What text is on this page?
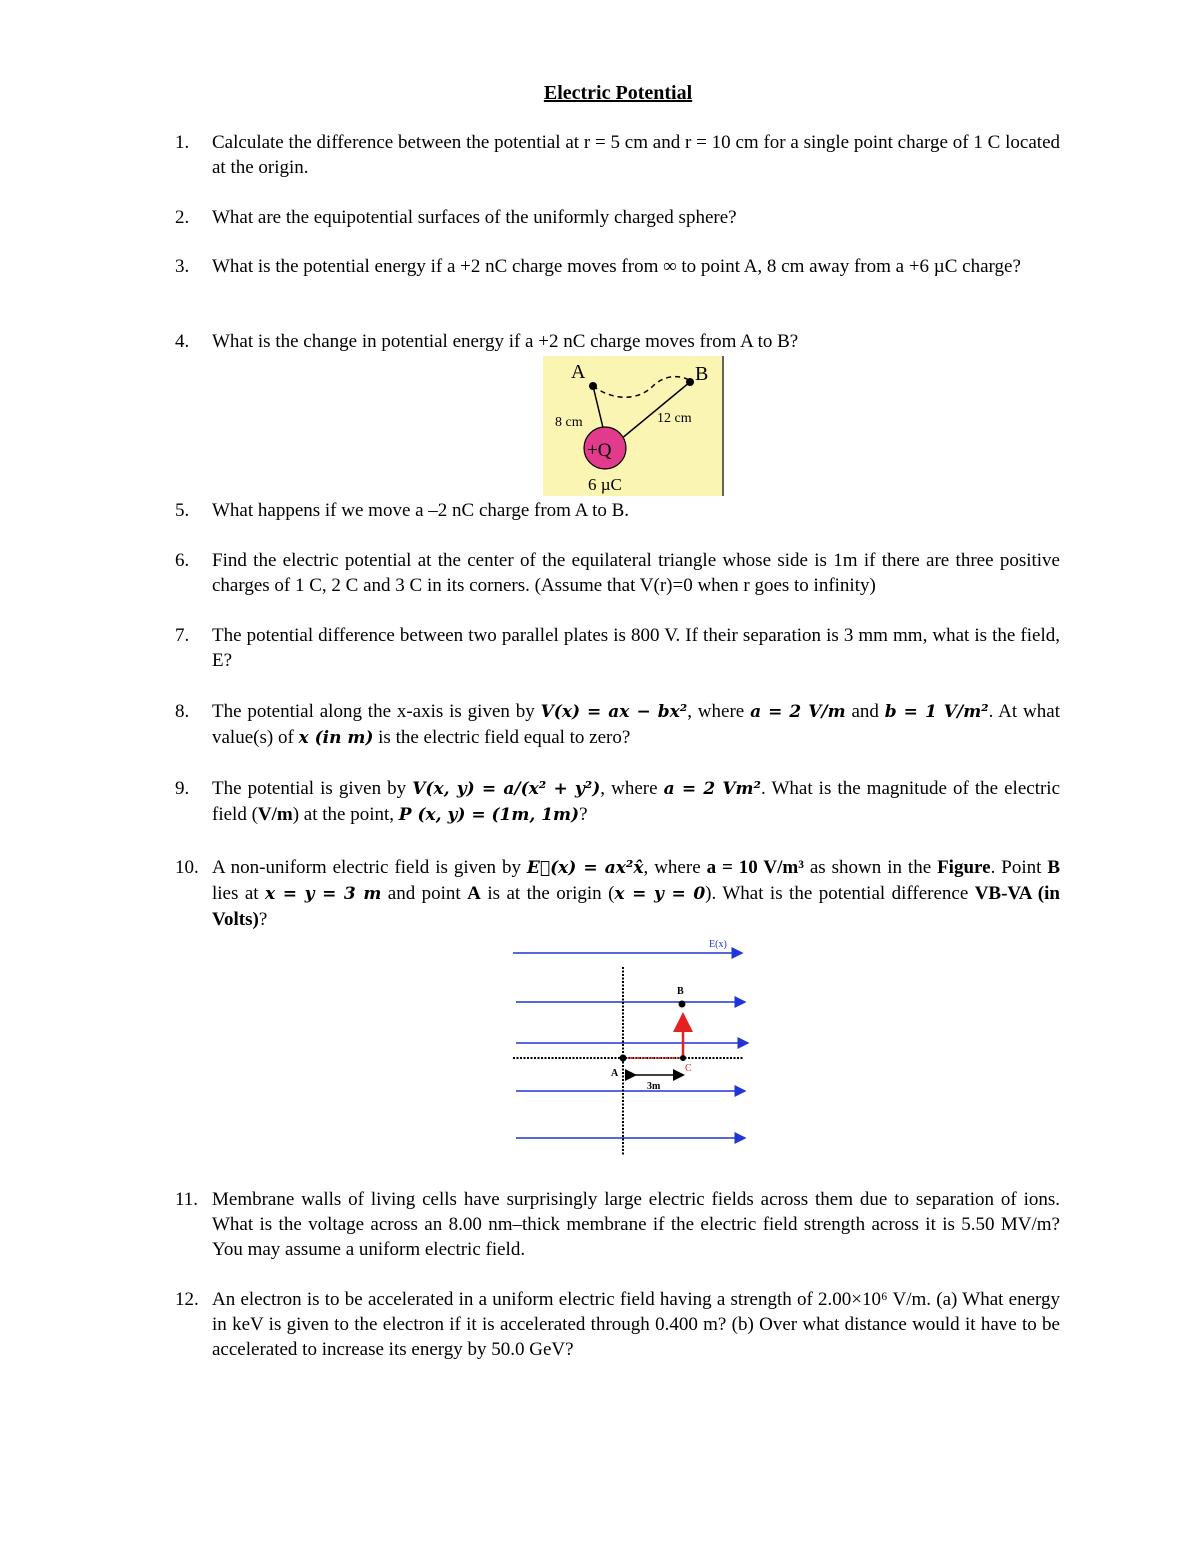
Electric Potential
1. Calculate the difference between the potential at r = 5 cm and r = 10 cm for a single point charge of 1 C located at the origin.
2. What are the equipotential surfaces of the uniformly charged sphere?
3. What is the potential energy if a +2 nC charge moves from ∞ to point A, 8 cm away from a +6 µC charge?
4. What is the change in potential energy if a +2 nC charge moves from A to B?
A	B
8 cm	12 cm
+Q
6 µC
5. What happens if we move a –2 nC charge from A to B.
6. Find the electric potential at the center of the equilateral triangle whose side is 1m if there are three positive charges of 1 C, 2 C and 3 C in its corners. (Assume that V(r)=0 when r goes to infinity)
7. The potential difference between two parallel plates is 800 V. If their separation is 3 mm mm, what is the field, E?
8. The potential along the x-axis is given by V(x) = ax − bx², where a = 2 V/m and b = 1 V/m². At what value(s) of x (in m) is the electric field equal to zero?
9. The potential is given by V(x, y) = a/(x² + y²), where a = 2 Vm². What is the magnitude of the electric field (V/m) at the point, P (x, y) = (1m, 1m)?
10. A non-uniform electric field is given by E⃗(x) = ax²x̂, where a = 10 V/m³ as shown in the Figure. Point B lies at x = y = 3 m and point A is at the origin (x = y = 0). What is the potential difference VB-VA (in Volts)?
E(x)
B
A	C
3m
11. Membrane walls of living cells have surprisingly large electric fields across them due to separation of ions. What is the voltage across an 8.00 nm–thick membrane if the electric field strength across it is 5.50 MV/m? You may assume a uniform electric field.
12. An electron is to be accelerated in a uniform electric field having a strength of 2.00×10⁶ V/m. (a) What energy in keV is given to the electron if it is accelerated through 0.400 m? (b) Over what distance would it have to be accelerated to increase its energy by 50.0 GeV?
